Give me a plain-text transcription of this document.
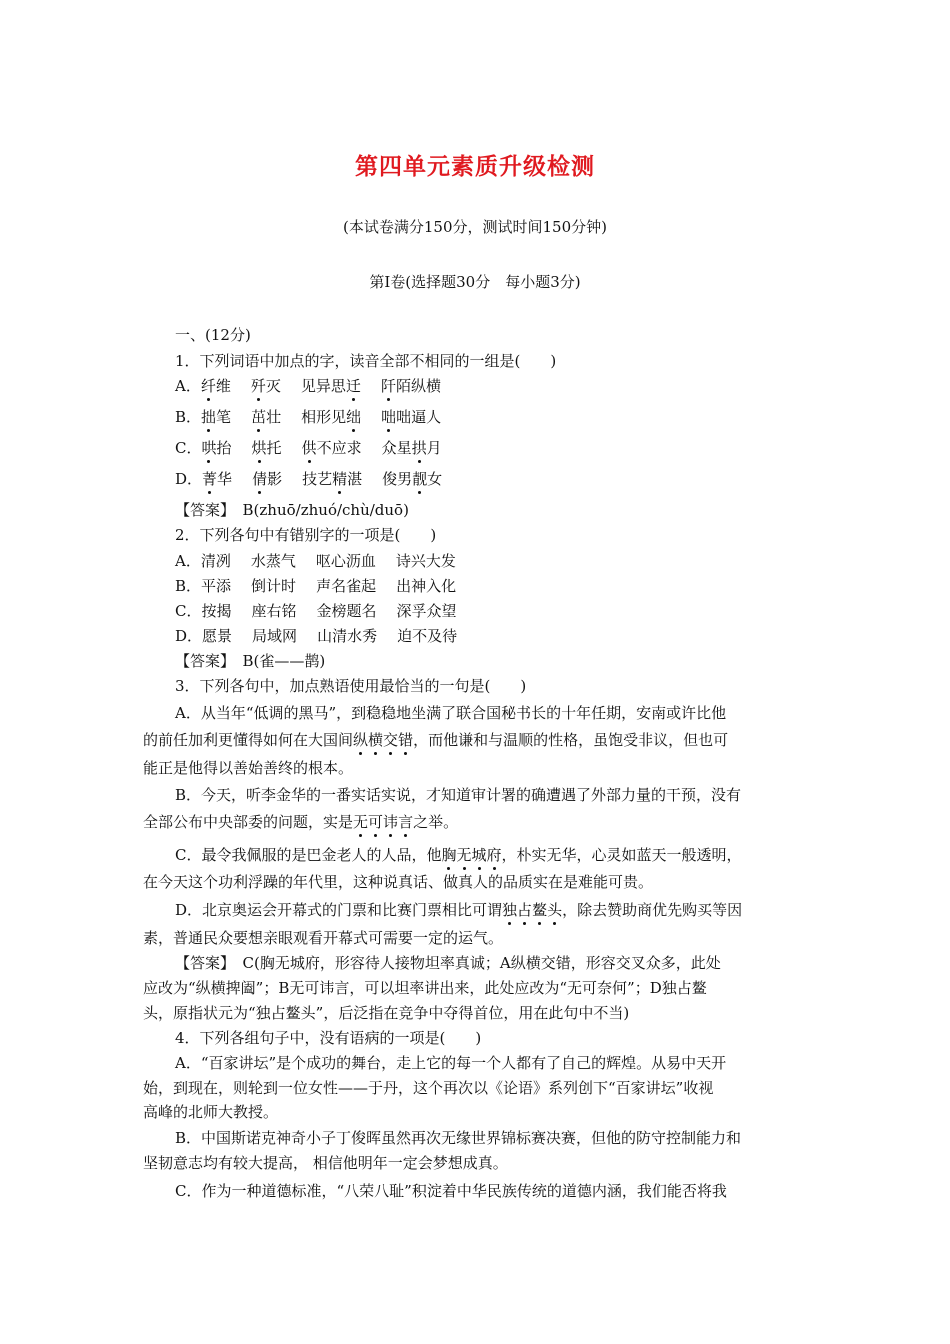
第四单元素质升级检测
(本试卷满分150分，测试时间150分钟)
第Ⅰ卷(选择题30分　每小题3分)
一、(12分)
1．下列词语中加点的字，读音全部不相同的一组是(　　)
A．纤维 歼灭 见异思迁 阡陌纵横
B．拙笔 茁壮 相形见绌 咄咄逼人
C．哄抬 烘托 供不应求 众星拱月
D．菁华 倩影 技艺精湛 俊男靓女
【答案】　 B(zhuō/zhuó/chù/duō)
2．下列各句中有错别字的一项是(　　)
A．清冽 水蒸气 呕心沥血 诗兴大发
B．平添 倒计时 声名雀起 出神入化
C．按揭 座右铭 金榜题名 深孚众望
D．愿景 局域网 山清水秀 迫不及待
【答案】　 B(雀——鹊)
3．下列各句中，加点熟语使用最恰当的一句是(　　)
A．从当年“低调的黑马”，到稳稳地坐满了联合国秘书长的十年任期，安南或许比他
的前任加利更懂得如何在大国间纵横交错，而他谦和与温顺的性格，虽饱受非议，但也可
能正是他得以善始善终的根本。
B．今天，听李金华的一番实话实说，才知道审计署的确遭遇了外部力量的干预，没有
全部公布中央部委的问题，实是无可讳言之举。
C．最令我佩服的是巴金老人的人品，他胸无城府，朴实无华，心灵如蓝天一般透明，
在今天这个功利浮躁的年代里，这种说真话、做真人的品质实在是难能可贵。
D．北京奥运会开幕式的门票和比赛门票相比可谓独占鳌头，除去赞助商优先购买等因
素，普通民众要想亲眼观看开幕式可需要一定的运气。
【答案】　 C(胸无城府，形容待人接物坦率真诚；A纵横交错，形容交叉众多，此处
应改为“纵横捭阖”；B无可讳言，可以坦率讲出来，此处应改为“无可奈何”；D独占鳌
头，原指状元为“独占鳌头”，后泛指在竞争中夺得首位，用在此句中不当)
4．下列各组句子中，没有语病的一项是(　　)
A．“百家讲坛”是个成功的舞台，走上它的每一个人都有了自己的辉煌。从易中天开
始，到现在，则轮到一位女性——于丹，这个再次以《论语》系列创下“百家讲坛”收视
高峰的北师大教授。
B．中国斯诺克神奇小子丁俊晖虽然再次无缘世界锦标赛决赛，但他的防守控制能力和
坚韧意志均有较大提高， 相信他明年一定会梦想成真。
C．作为一种道德标准，“八荣八耻”积淀着中华民族传统的道德内涵，我们能否将我
